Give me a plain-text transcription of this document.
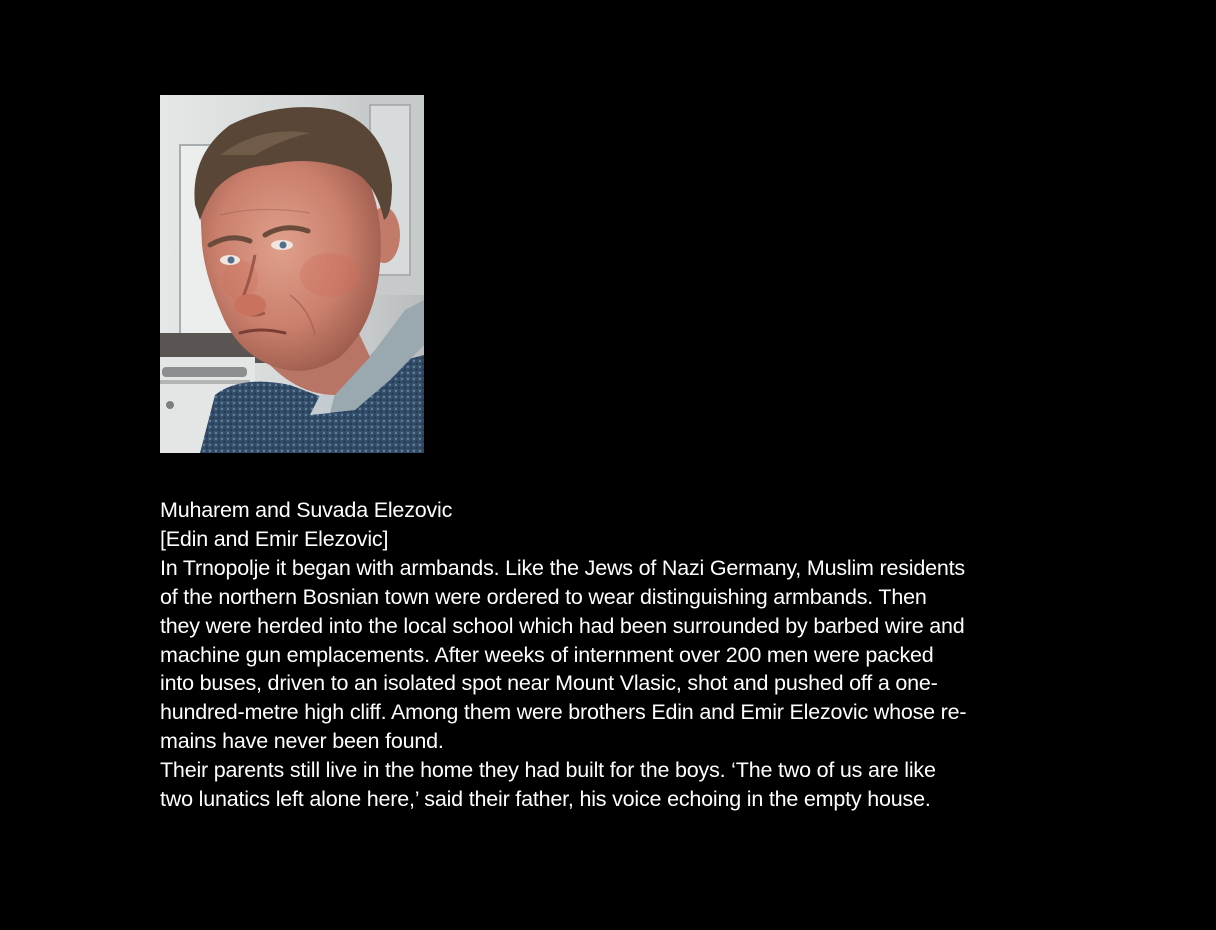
Muharem and Suvada Elezovic
[Edin and Emir Elezovic]
In Trnopolje it began with armbands. Like the Jews of Nazi Germany, Muslim residents
of the northern Bosnian town were ordered to wear distinguishing armbands. Then
they were herded into the local school which had been surrounded by barbed wire and
machine gun emplacements. After weeks of internment over 200 men were packed
into buses, driven to an isolated spot near Mount Vlasic, shot and pushed off a one-
hundred-metre high cliff. Among them were brothers Edin and Emir Elezovic whose re-
mains have never been found.
Their parents still live in the home they had built for the boys. ‘The two of us are like
two lunatics left alone here,’ said their father, his voice echoing in the empty house.
